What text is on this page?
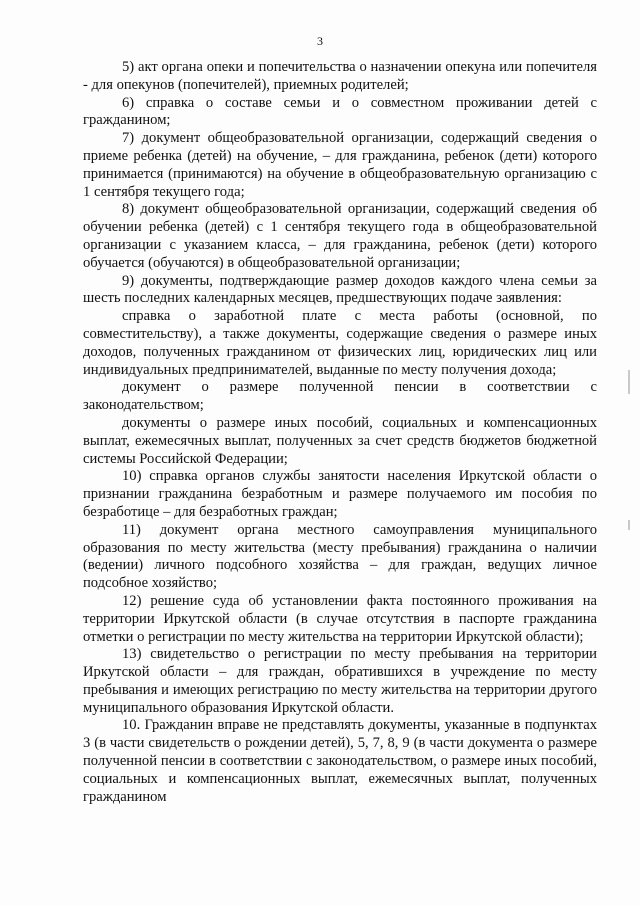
3

5) акт органа опеки и попечительства о назначении опекуна или попечителя - для опекунов (попечителей), приемных родителей;

6) справка о составе семьи и о совместном проживании детей с гражданином;

7) документ общеобразовательной организации, содержащий сведения о приеме ребенка (детей) на обучение, – для гражданина, ребенок (дети) которого принимается (принимаются) на обучение в общеобразовательную организацию с 1 сентября текущего года;

8) документ общеобразовательной организации, содержащий сведения об обучении ребенка (детей) с 1 сентября текущего года в общеобразовательной организации с указанием класса, – для гражданина, ребенок (дети) которого обучается (обучаются) в общеобразовательной организации;

9) документы, подтверждающие размер доходов каждого члена семьи за шесть последних календарных месяцев, предшествующих подаче заявления:

справка о заработной плате с места работы (основной, по совместительству), а также документы, содержащие сведения о размере иных доходов, полученных гражданином от физических лиц, юридических лиц или индивидуальных предпринимателей, выданные по месту получения дохода;

документ о размере полученной пенсии в соответствии с законодательством;

документы о размере иных пособий, социальных и компенсационных выплат, ежемесячных выплат, полученных за счет средств бюджетов бюджетной системы Российской Федерации;

10) справка органов службы занятости населения Иркутской области о признании гражданина безработным и размере получаемого им пособия по безработице – для безработных граждан;

11) документ органа местного самоуправления муниципального образования по месту жительства (месту пребывания) гражданина о наличии (ведении) личного подсобного хозяйства – для граждан, ведущих личное подсобное хозяйство;

12) решение суда об установлении факта постоянного проживания на территории Иркутской области (в случае отсутствия в паспорте гражданина отметки о регистрации по месту жительства на территории Иркутской области);

13) свидетельство о регистрации по месту пребывания на территории Иркутской области – для граждан, обратившихся в учреждение по месту пребывания и имеющих регистрацию по месту жительства на территории другого муниципального образования Иркутской области.

10. Гражданин вправе не представлять документы, указанные в подпунктах 3 (в части свидетельств о рождении детей), 5, 7, 8, 9 (в части документа о размере полученной пенсии в соответствии с законодательством, о размере иных пособий, социальных и компенсационных выплат, ежемесячных выплат, полученных гражданином
